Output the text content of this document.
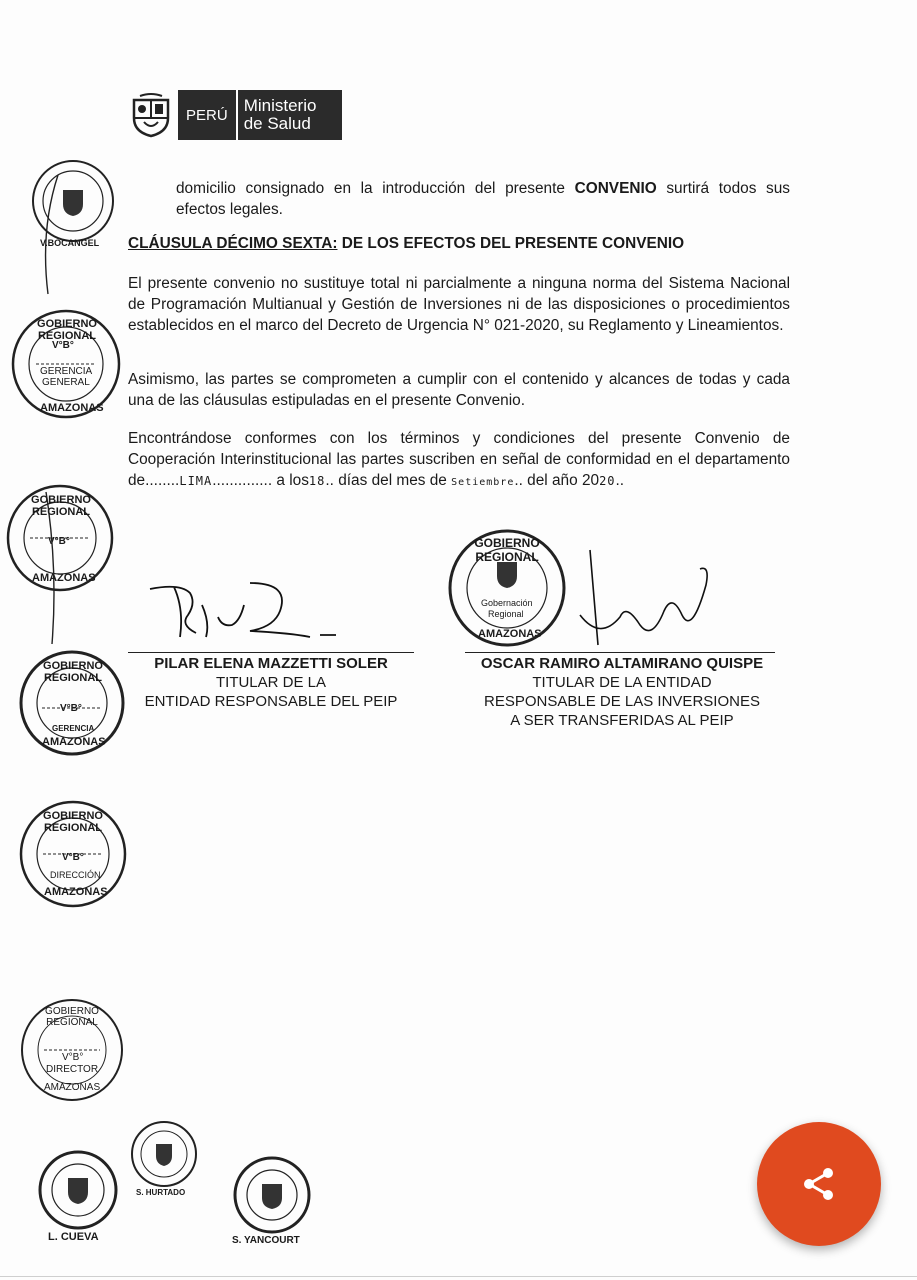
PERÚ Ministerio
de Salud
domicilio consignado en la introducción del presente CONVENIO surtirá todos sus efectos legales.
CLÁUSULA DÉCIMO SEXTA: DE LOS EFECTOS DEL PRESENTE CONVENIO
El presente convenio no sustituye total ni parcialmente a ninguna norma del Sistema Nacional de Programación Multianual y Gestión de Inversiones ni de las disposiciones o procedimientos establecidos en el marco del Decreto de Urgencia N° 021-2020, su Reglamento y Lineamientos.
Asimismo, las partes se comprometen a cumplir con el contenido y alcances de todas y cada una de las cláusulas estipuladas en el presente Convenio.
Encontrándose conformes con los términos y condiciones del presente Convenio de Cooperación Interinstitucional las partes suscriben en señal de conformidad en el departamento de........LIMA.............. a los18.. días del mes de Setiembre.. del año 2020..
PILAR ELENA MAZZETTI SOLER
TITULAR DE LA
ENTIDAD RESPONSABLE DEL PEIP
OSCAR RAMIRO ALTAMIRANO QUISPE
TITULAR DE LA ENTIDAD
RESPONSABLE DE LAS INVERSIONES
A SER TRANSFERIDAS AL PEIP
V.BOCANGEL
GOBIERNO REGIONAL
V°B°
GERENCIA
GENERAL
AMAZONAS
GOBIERNO REGIONAL
V°B°
AMAZONAS
GOBIERNO REGIONAL
V°B°
GERENCIA
AMAZONAS
GOBIERNO REGIONAL
V°B°
DIRECCIÓN
AMAZONAS
GOBIERNO REGIONAL
V°B°
DIRECTOR
AMAZONAS
GOBIERNO REGIONAL
Gobernación
Regional
AMAZONAS
S. HURTADO
L. CUEVA	S. YANCOURT
